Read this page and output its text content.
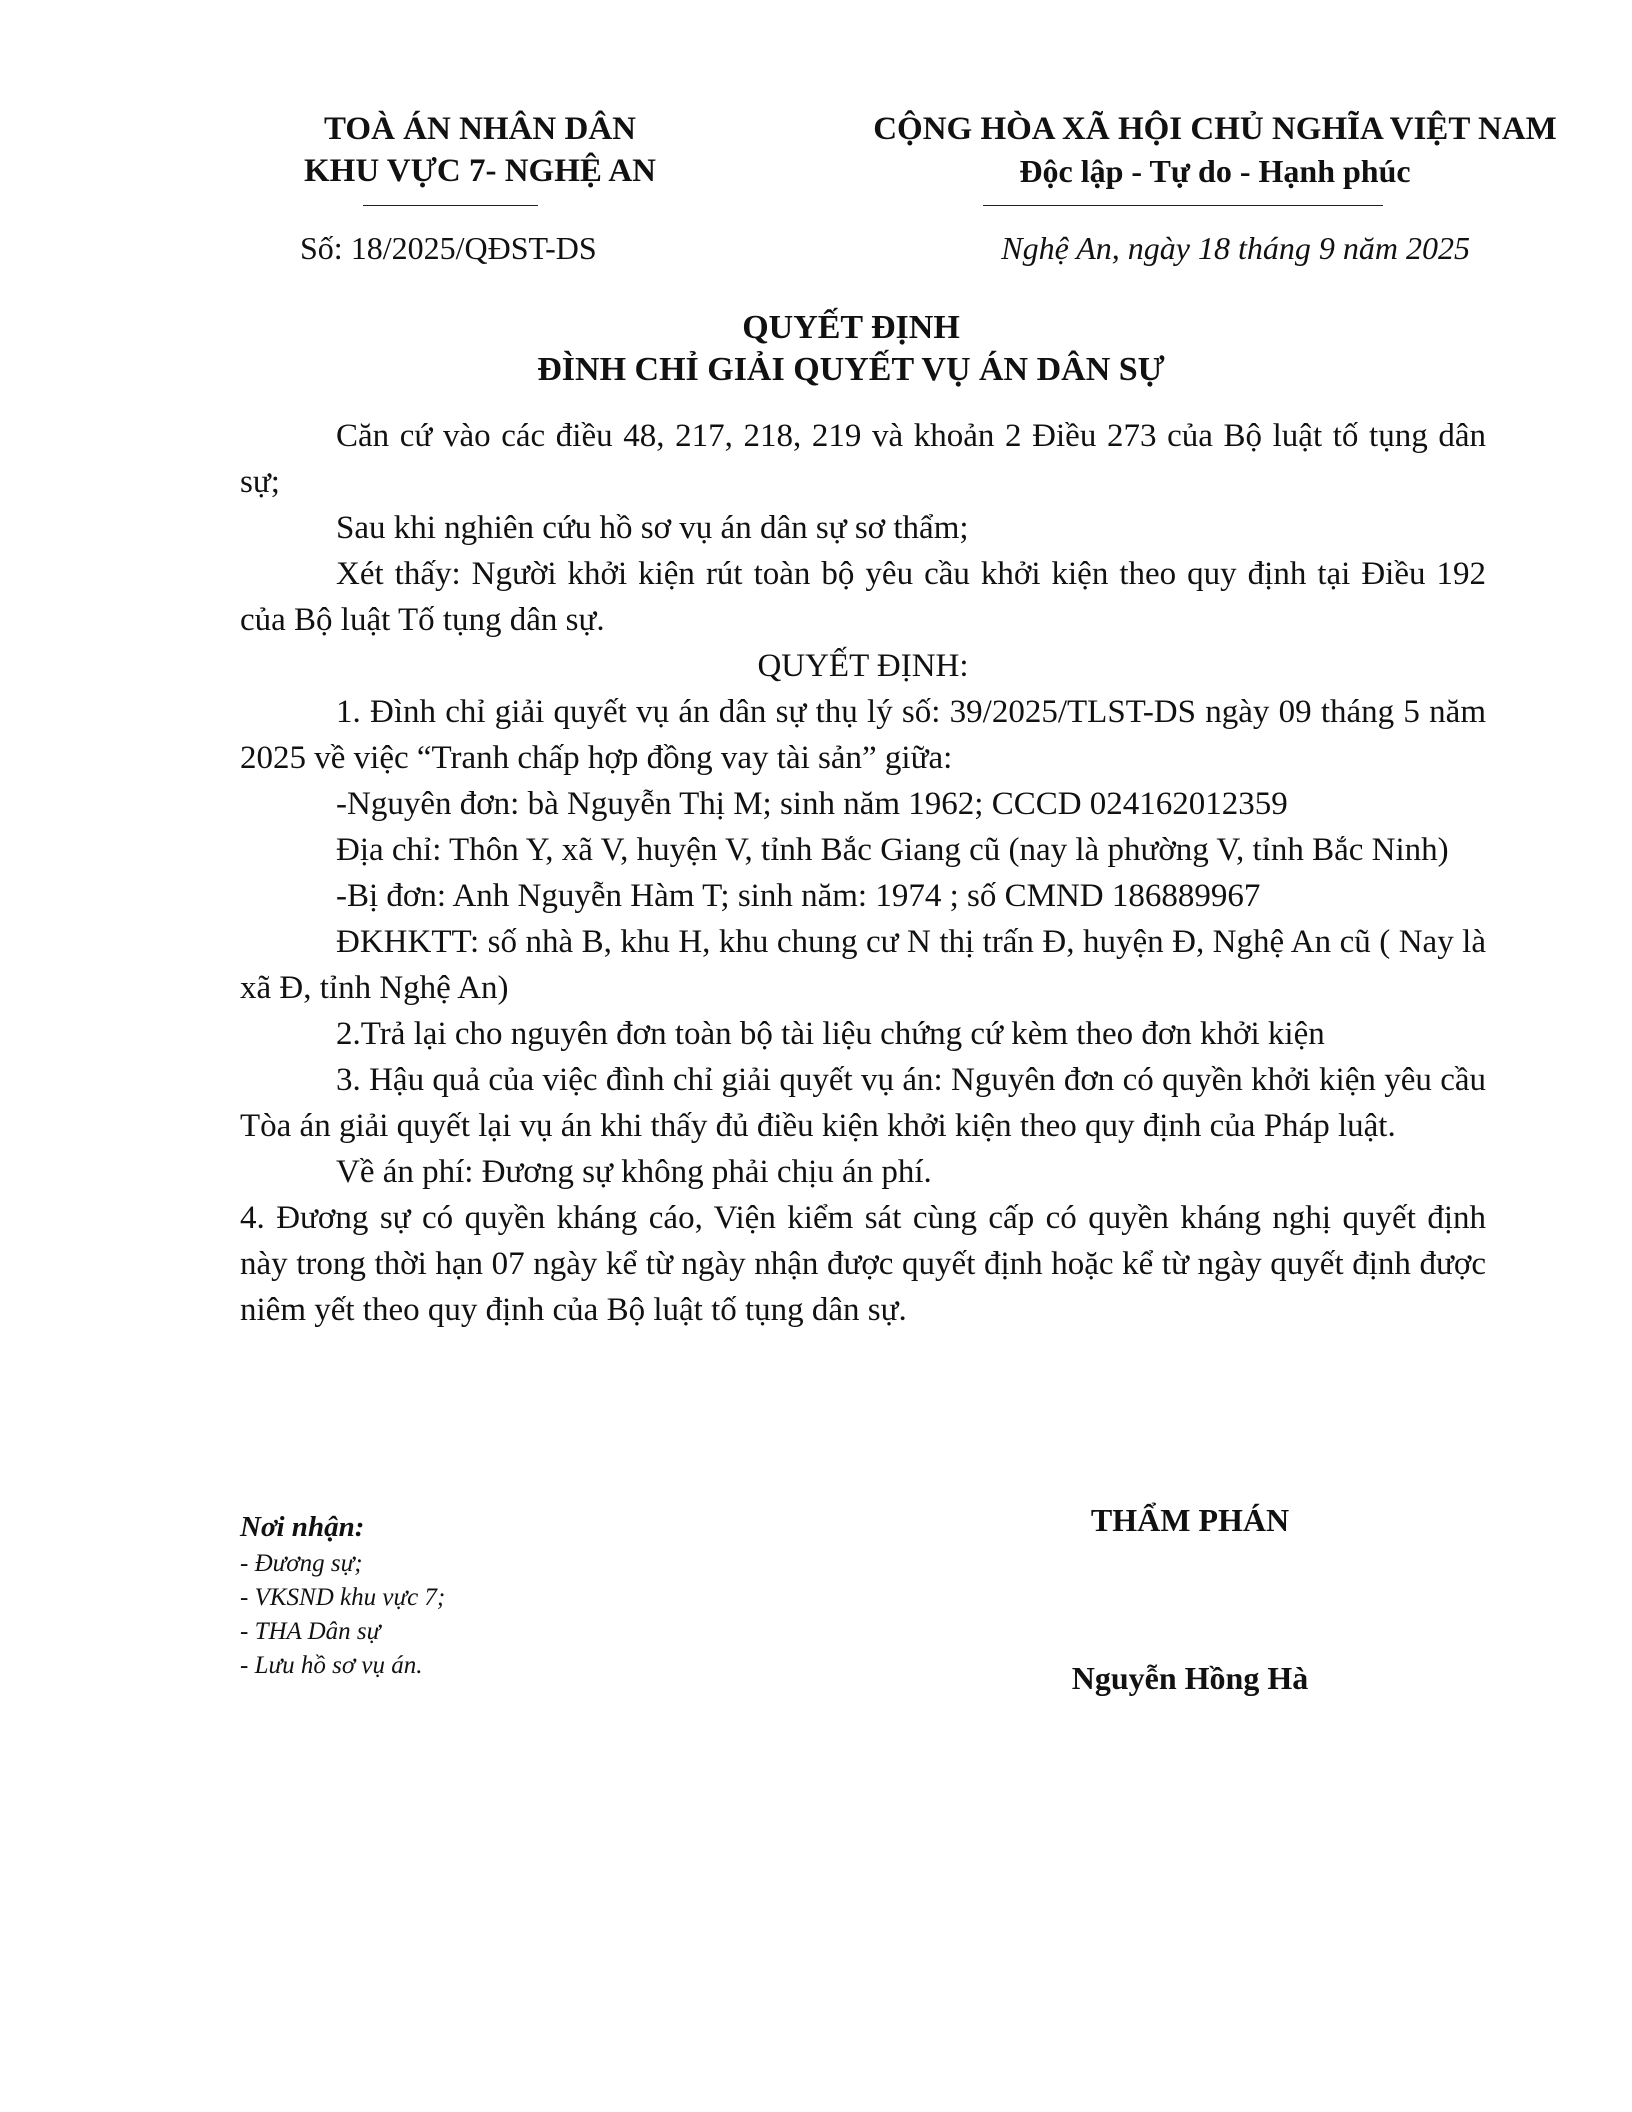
TOÀ ÁN NHÂN DÂN
KHU VỰC 7- NGHỆ AN
CỘNG HÒA XÃ HỘI CHỦ NGHĨA VIỆT NAM
Độc lập - Tự do - Hạnh phúc
Số: 18/2025/QĐST-DS	Nghệ An, ngày 18 tháng 9 năm 2025
QUYẾT ĐỊNH
ĐÌNH CHỈ GIẢI QUYẾT VỤ ÁN DÂN SỰ

Căn cứ vào các điều 48, 217, 218, 219 và khoản 2 Điều 273 của Bộ luật tố tụng dân sự;

Sau khi nghiên cứu hồ sơ vụ án dân sự sơ thẩm;

Xét thấy: Người khởi kiện rút toàn bộ yêu cầu khởi kiện theo quy định tại Điều 192 của Bộ luật Tố tụng dân sự.

QUYẾT ĐỊNH:

1. Đình chỉ giải quyết vụ án dân sự thụ lý số: 39/2025/TLST-DS ngày 09 tháng 5 năm 2025 về việc “Tranh chấp hợp đồng vay tài sản” giữa:

-Nguyên đơn: bà Nguyễn Thị M; sinh năm 1962; CCCD 024162012359

Địa chỉ: Thôn Y, xã V, huyện V, tỉnh Bắc Giang cũ (nay là phường V, tỉnh Bắc Ninh)

-Bị đơn: Anh Nguyễn Hàm T; sinh năm: 1974 ; số CMND 186889967

ĐKHKTT: số nhà B, khu H, khu chung cư N thị trấn Đ, huyện Đ, Nghệ An cũ ( Nay là xã Đ, tỉnh Nghệ An)

2.Trả lại cho nguyên đơn toàn bộ tài liệu chứng cứ kèm theo đơn khởi kiện

3. Hậu quả của việc đình chỉ giải quyết vụ án: Nguyên đơn có quyền khởi kiện yêu cầu Tòa án giải quyết lại vụ án khi thấy đủ điều kiện khởi kiện theo quy định của Pháp luật.

Về án phí: Đương sự không phải chịu án phí.

4. Đương sự có quyền kháng cáo, Viện kiểm sát cùng cấp có quyền kháng nghị quyết định này trong thời hạn 07 ngày kể từ ngày nhận được quyết định hoặc kể từ ngày quyết định được niêm yết theo quy định của Bộ luật tố tụng dân sự.

Nơi nhận:
- Đương sự;
- VKSND khu vực 7;
- THA Dân sự
- Lưu hồ sơ vụ án.
THẨM PHÁN
Nguyễn Hồng Hà
